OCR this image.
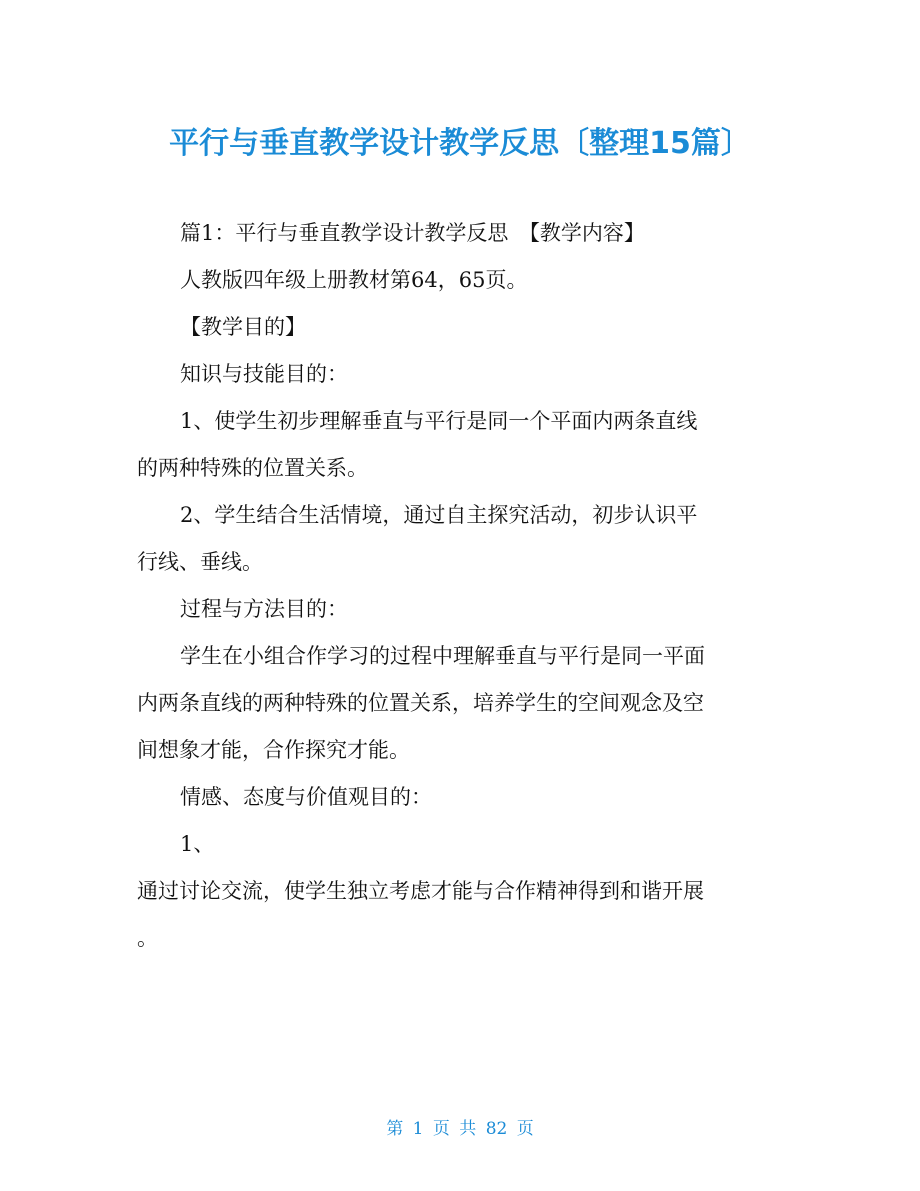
平行与垂直教学设计教学反思〔整理15篇〕
篇1：平行与垂直教学设计教学反思　【教学内容】
人教版四年级上册教材第64，65页。
【教学目的】
知识与技能目的：
1、使学生初步理解垂直与平行是同一个平面内两条直线
的两种特殊的位置关系。
2、学生结合生活情境，通过自主探究活动，初步认识平
行线、垂线。
过程与方法目的：
学生在小组合作学习的过程中理解垂直与平行是同一平面
内两条直线的两种特殊的位置关系，培养学生的空间观念及空
间想象才能，合作探究才能。
情感、态度与价值观目的：
1、
通过讨论交流，使学生独立考虑才能与合作精神得到和谐开展
。
第 1 页 共 82 页
